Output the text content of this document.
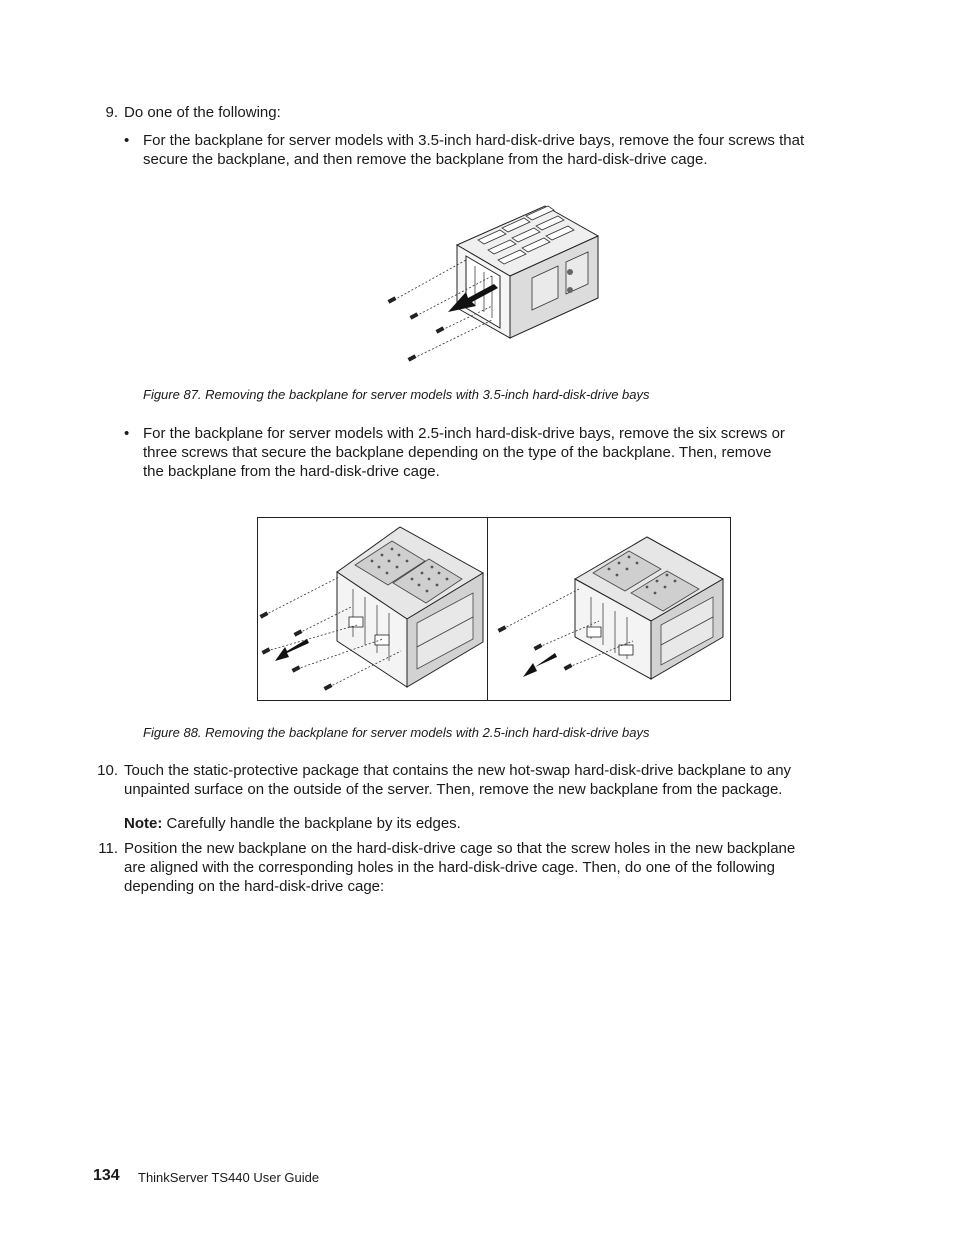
9. Do one of the following:
• For the backplane for server models with 3.5-inch hard-disk-drive bays, remove the four screws that
secure the backplane, and then remove the backplane from the hard-disk-drive cage.
Figure 87. Removing the backplane for server models with 3.5-inch hard-disk-drive bays
• For the backplane for server models with 2.5-inch hard-disk-drive bays, remove the six screws or
three screws that secure the backplane depending on the type of the backplane. Then, remove
the backplane from the hard-disk-drive cage.
Figure 88. Removing the backplane for server models with 2.5-inch hard-disk-drive bays
10. Touch the static-protective package that contains the new hot-swap hard-disk-drive backplane to any
unpainted surface on the outside of the server. Then, remove the new backplane from the package.
Note: Carefully handle the backplane by its edges.
11. Position the new backplane on the hard-disk-drive cage so that the screw holes in the new backplane
are aligned with the corresponding holes in the hard-disk-drive cage. Then, do one of the following
depending on the hard-disk-drive cage:
134 ThinkServer TS440 User Guide
